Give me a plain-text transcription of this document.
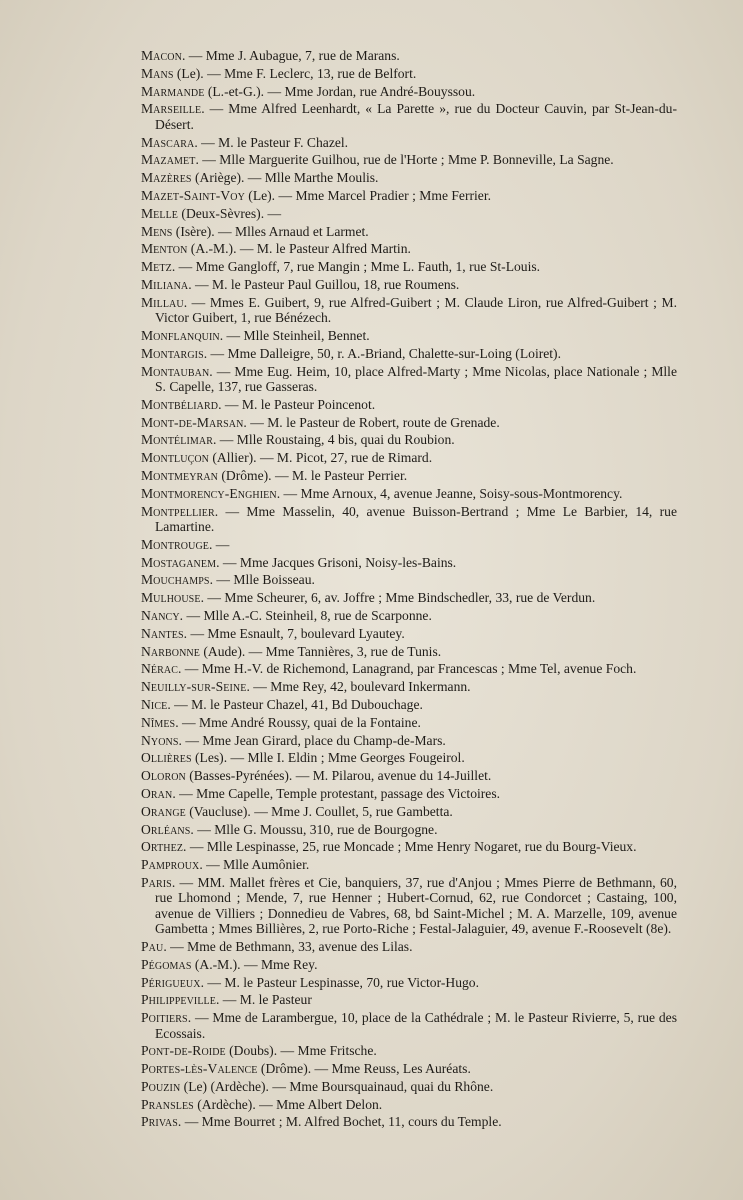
Macon. — Mme J. Aubague, 7, rue de Marans.

Mans (Le). — Mme F. Leclerc, 13, rue de Belfort.

Marmande (L.-et-G.). — Mme Jordan, rue André-Bouyssou.

Marseille. — Mme Alfred Leenhardt, « La Parette », rue du Docteur Cauvin, par St-Jean-du-Désert.

Mascara. — M. le Pasteur F. Chazel.

Mazamet. — Mlle Marguerite Guilhou, rue de l'Horte ; Mme P. Bonneville, La Sagne.

Mazères (Ariège). — Mlle Marthe Moulis.

Mazet-Saint-Voy (Le). — Mme Marcel Pradier ; Mme Ferrier.

Melle (Deux-Sèvres). —

Mens (Isère). — Mlles Arnaud et Larmet.

Menton (A.-M.). — M. le Pasteur Alfred Martin.

Metz. — Mme Gangloff, 7, rue Mangin ; Mme L. Fauth, 1, rue St-Louis.

Miliana. — M. le Pasteur Paul Guillou, 18, rue Roumens.

Millau. — Mmes E. Guibert, 9, rue Alfred-Guibert ; M. Claude Liron, rue Alfred-Guibert ; M. Victor Guibert, 1, rue Bénézech.

Monflanquin. — Mlle Steinheil, Bennet.

Montargis. — Mme Dalleigre, 50, r. A.-Briand, Chalette-sur-Loing (Loiret).

Montauban. — Mme Eug. Heim, 10, place Alfred-Marty ; Mme Nicolas, place Nationale ; Mlle S. Capelle, 137, rue Gasseras.

Montbéliard. — M. le Pasteur Poincenot.

Mont-de-Marsan. — M. le Pasteur de Robert, route de Grenade.

Montélimar. — Mlle Roustaing, 4 bis, quai du Roubion.

Montluçon (Allier). — M. Picot, 27, rue de Rimard.

Montmeyran (Drôme). — M. le Pasteur Perrier.

Montmorency-Enghien. — Mme Arnoux, 4, avenue Jeanne, Soisy-sous-Montmorency.

Montpellier. — Mme Masselin, 40, avenue Buisson-Bertrand ; Mme Le Barbier, 14, rue Lamartine.

Montrouge. —

Mostaganem. — Mme Jacques Grisoni, Noisy-les-Bains.

Mouchamps. — Mlle Boisseau.

Mulhouse. — Mme Scheurer, 6, av. Joffre ; Mme Bindschedler, 33, rue de Verdun.

Nancy. — Mlle A.-C. Steinheil, 8, rue de Scarponne.

Nantes. — Mme Esnault, 7, boulevard Lyautey.

Narbonne (Aude). — Mme Tannières, 3, rue de Tunis.

Nérac. — Mme H.-V. de Richemond, Lanagrand, par Francescas ; Mme Tel, avenue Foch.

Neuilly-sur-Seine. — Mme Rey, 42, boulevard Inkermann.

Nice. — M. le Pasteur Chazel, 41, Bd Dubouchage.

Nîmes. — Mme André Roussy, quai de la Fontaine.

Nyons. — Mme Jean Girard, place du Champ-de-Mars.

Ollières (Les). — Mlle I. Eldin ; Mme Georges Fougeirol.

Oloron (Basses-Pyrénées). — M. Pilarou, avenue du 14-Juillet.

Oran. — Mme Capelle, Temple protestant, passage des Victoires.

Orange (Vaucluse). — Mme J. Coullet, 5, rue Gambetta.

Orléans. — Mlle G. Moussu, 310, rue de Bourgogne.

Orthez. — Mlle Lespinasse, 25, rue Moncade ; Mme Henry Nogaret, rue du Bourg-Vieux.

Pamproux. — Mlle Aumônier.

Paris. — MM. Mallet frères et Cie, banquiers, 37, rue d'Anjou ; Mmes Pierre de Bethmann, 60, rue Lhomond ; Mende, 7, rue Henner ; Hubert-Cornud, 62, rue Condorcet ; Castaing, 100, avenue de Villiers ; Donnedieu de Vabres, 68, bd Saint-Michel ; M. A. Marzelle, 109, avenue Gambetta ; Mmes Billières, 2, rue Porto-Riche ; Festal-Jalaguier, 49, avenue F.-Roosevelt (8e).

Pau. — Mme de Bethmann, 33, avenue des Lilas.

Pégomas (A.-M.). — Mme Rey.

Périgueux. — M. le Pasteur Lespinasse, 70, rue Victor-Hugo.

Philippeville. — M. le Pasteur

Poitiers. — Mme de Larambergue, 10, place de la Cathédrale ; M. le Pasteur Rivierre, 5, rue des Ecossais.

Pont-de-Roide (Doubs). — Mme Fritsche.

Portes-lès-Valence (Drôme). — Mme Reuss, Les Auréats.

Pouzin (Le) (Ardèche). — Mme Boursquainaud, quai du Rhône.

Pransles (Ardèche). — Mme Albert Delon.

Privas. — Mme Bourret ; M. Alfred Bochet, 11, cours du Temple.
